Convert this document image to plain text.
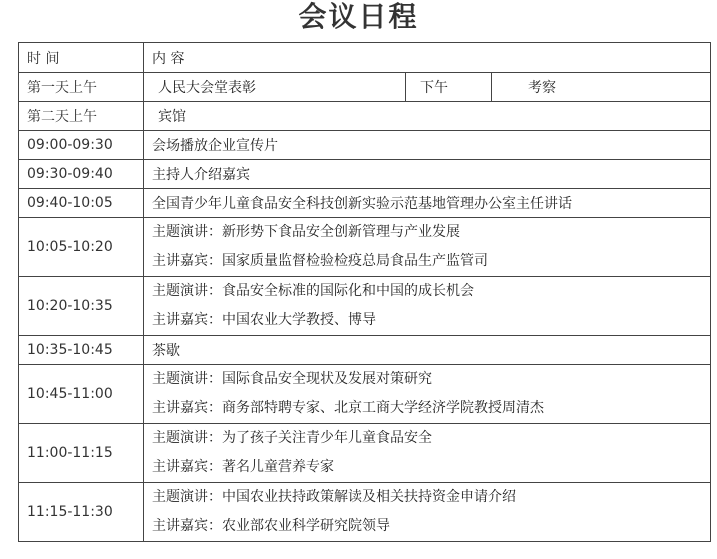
会议日程
时 间	内 容		
第一天上午	人民大会堂表彰	下午	考察
第二天上午	宾馆		
09:00-09:30	会场播放企业宣传片		

09:30-09:40	主持人介绍嘉宾		

09:40-10:05	全国青少年儿童食品安全科技创新实验示范基地管理办公室主任讲话		

10:05-10:20	主题演讲：新形势下食品安全创新管理与产业发展
主讲嘉宾：国家质量监督检验检疫总局食品生产监管司		

10:20-10:35	主题演讲：食品安全标准的国际化和中国的成长机会
主讲嘉宾：中国农业大学教授、博导		

10:35-10:45	茶歇		

10:45-11:00	主题演讲：国际食品安全现状及发展对策研究
主讲嘉宾：商务部特聘专家、北京工商大学经济学院教授周清杰		

11:00-11:15	主题演讲：为了孩子关注青少年儿童食品安全
主讲嘉宾：著名儿童营养专家		

11:15-11:30	主题演讲：中国农业扶持政策解读及相关扶持资金申请介绍
主讲嘉宾：农业部农业科学研究院领导		
